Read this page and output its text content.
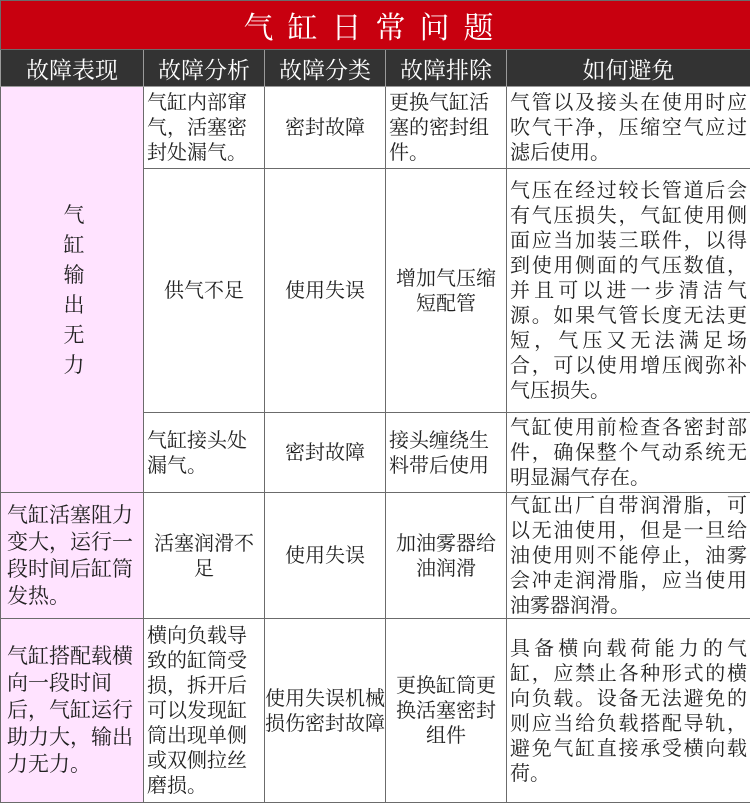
气缸日常问题				
故障表现	故障分析	故障分类	故障排除	如何避免
气缸输出无力	气缸内部窜气，活塞密封处漏气。	密封故障	更换气缸活塞的密封组件。	气管以及接头在使用时应吹气干净，压缩空气应过滤后使用。
	供气不足	使用失误	增加气压缩短配管	气压在经过较长管道后会有气压损失，气缸使用侧面应当加装三联件，以得到使用侧面的气压数值，并且可以进一步清洁气源。如果气管长度无法更短，气压又无法满足场合，可以使用增压阀弥补气压损失。
	气缸接头处漏气。	密封故障	接头缠绕生料带后使用	气缸使用前检查各密封部件，确保整个气动系统无明显漏气存在。
气缸活塞阻力变大，运行一段时间后缸筒发热。	活塞润滑不足	使用失误	加油雾器给油润滑	气缸出厂自带润滑脂，可以无油使用，但是一旦给油使用则不能停止，油雾会冲走润滑脂，应当使用油雾器润滑。
气缸搭配载横向一段时间后，气缸运行助力大，输出力无力。	横向负载导致的缸筒受损，拆开后可以发现缸筒出现单侧或双侧拉丝磨损。	使用失误机械损伤密封故障	更换缸筒更换活塞密封组件	具备横向载荷能力的气缸，应禁止各种形式的横向负载。设备无法避免的则应当给负载搭配导轨，避免气缸直接承受横向载荷。
